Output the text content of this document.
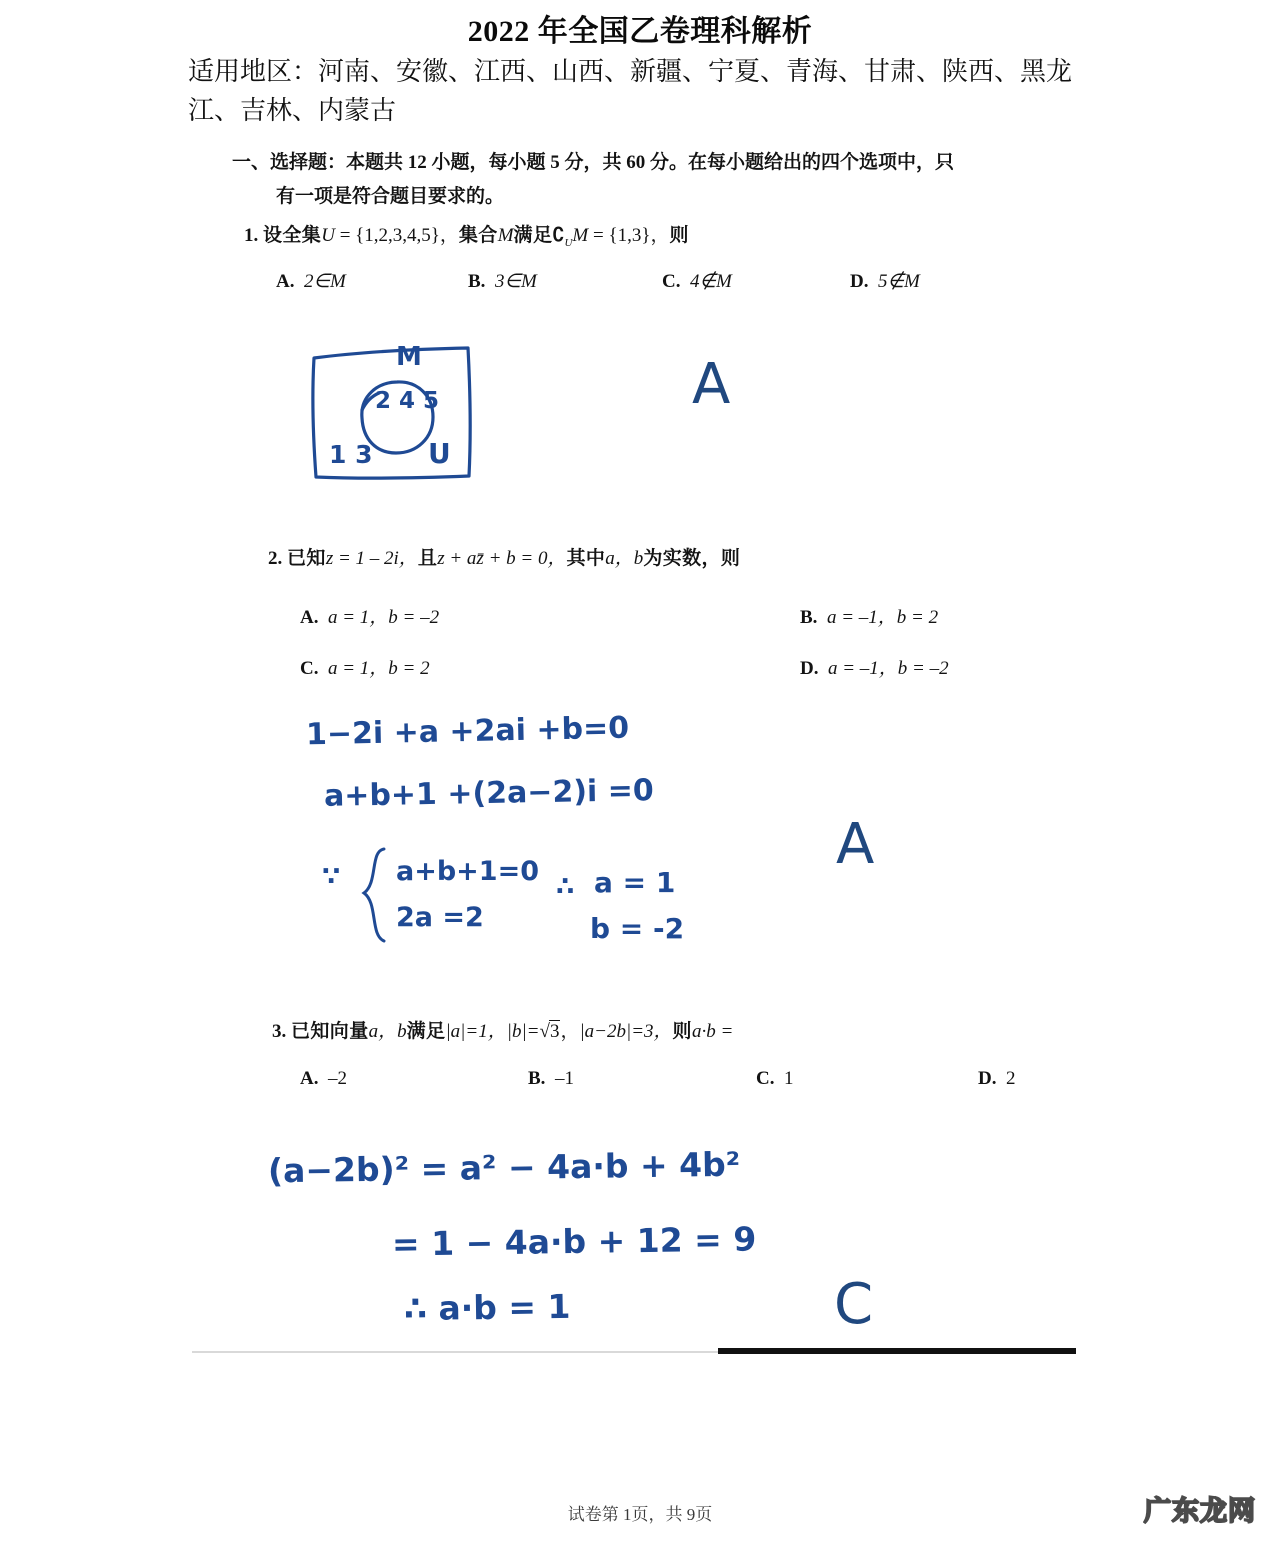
2022 年全国乙卷理科解析
适用地区：河南、安徽、江西、山西、新疆、宁夏、青海、甘肃、陕西、黑龙江、吉林、内蒙古
一、选择题：本题共 12 小题，每小题 5 分，共 60 分。在每小题给出的四个选项中，只
有一项是符合题目要求的。
1. 设全集U = {1,2,3,4,5}，集合M满足$∁_UM = \{1,3\}$，则
A. 2∈M	B. 3∈M	C. 4∉M	D. 5∉M
M
2 4 5
1 3 U
A
2. 已知z = 1 – 2i，且z + az̄ + b = 0，其中a，b为实数，则
A. a = 1，b = –2	B. a = –1，b = 2
C. a = 1，b = 2	D. a = –1，b = –2
1−2i +a +2ai +b=0
a+b+1 +(2a−2)i =0
∵ a+b+1=0
2a =2
∴ a = 1
b = -2
A
3. 已知向量a，b满足|a|=1，|b|=√3，|a−2b|=3，则a·b =
A. –2	B. –1	C. 1	D. 2
(a−2b)² = a² − 4a·b + 4b²
= 1 − 4a·b + 12 = 9
∴ a·b = 1	C
试卷第 1页，共 9页	广东龙网
